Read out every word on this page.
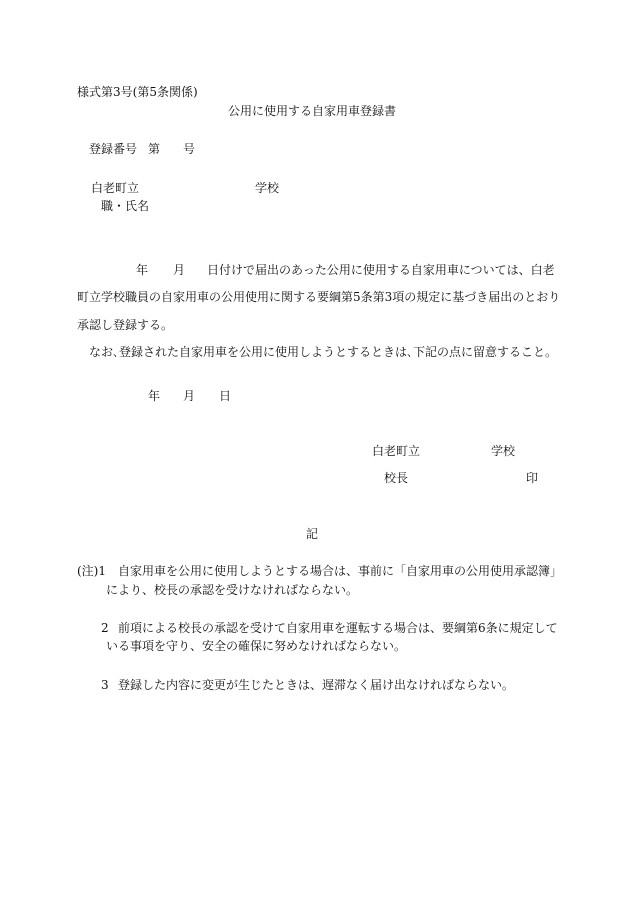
様式第3号(第5条関係)
公用に使用する自家用車登録書
登録番号 第 号
白老町立	学校
職・氏名
年 月 日付けで届出のあった公用に使用する自家用車については、白老
町立学校職員の自家用車の公用使用に関する要綱第5条第3項の規定に基づき届出のとおり
承認し登録する。
なお､登録された自家用車を公用に使用しようとするときは､下記の点に留意すること。
年 月 日
白老町立	学校
校長	印
記
(注)1 自家用車を公用に使用しようとする場合は、事前に「自家用車の公用使用承認簿」
により、校長の承認を受けなければならない。
2 前項による校長の承認を受けて自家用車を運転する場合は、要綱第6条に規定して
いる事項を守り、安全の確保に努めなければならない。
3 登録した内容に変更が生じたときは、遅滞なく届け出なければならない。
